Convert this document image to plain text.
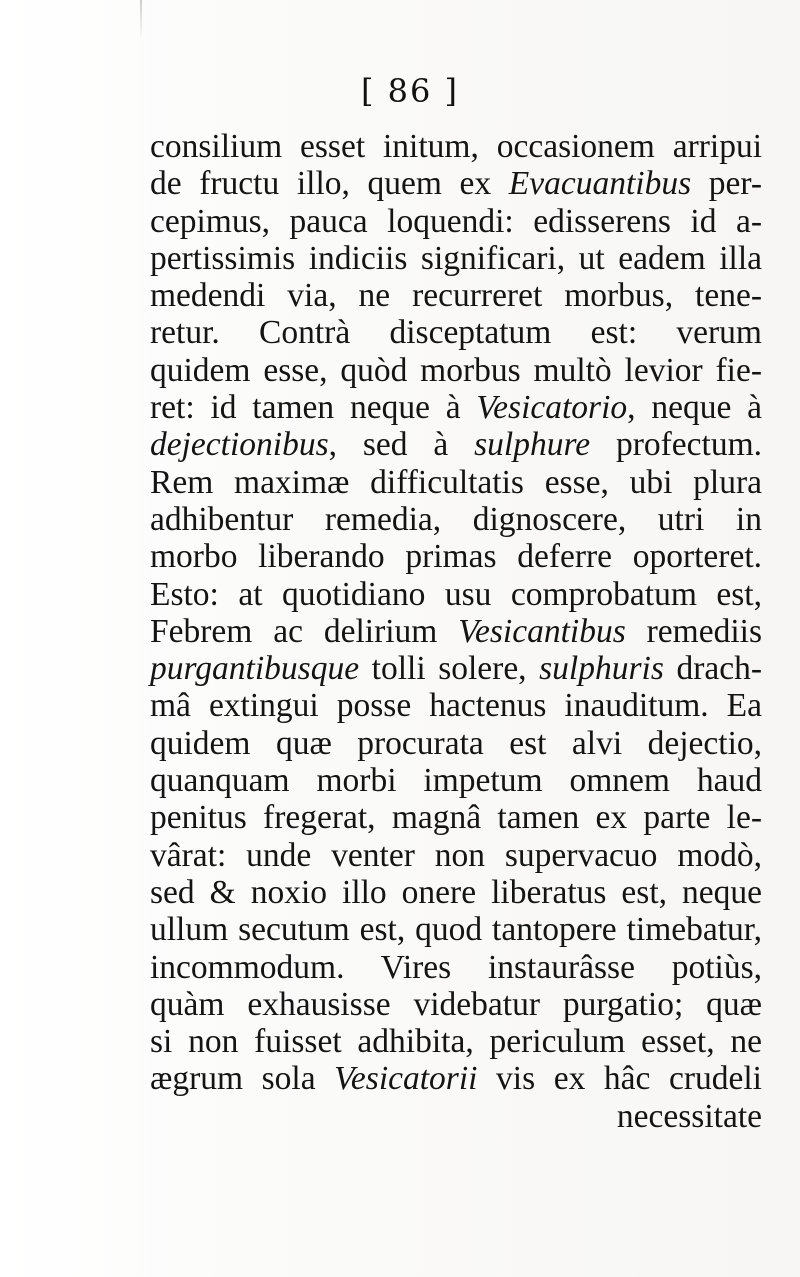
[ 86 ]
consilium esset initum, occasionem arripui
de fructu illo, quem ex Evacuantibus per-
cepimus, pauca loquendi: edisserens id a-
pertissimis indiciis significari, ut eadem illa
medendi via, ne recurreret morbus, tene-
retur. Contrà disceptatum est: verum
quidem esse, quòd morbus multò levior fie-
ret: id tamen neque à Vesicatorio, neque à
dejectionibus, sed à sulphure profectum.
Rem maximæ difficultatis esse, ubi plura
adhibentur remedia, dignoscere, utri in
morbo liberando primas deferre oporteret.
Esto: at quotidiano usu comprobatum est,
Febrem ac delirium Vesicantibus remediis
purgantibusque tolli solere, sulphuris drach-
mâ extingui posse hactenus inauditum. Ea
quidem quæ procurata est alvi dejectio,
quanquam morbi impetum omnem haud
penitus fregerat, magnâ tamen ex parte le-
vârat: unde venter non supervacuo modò,
sed & noxio illo onere liberatus est, neque
ullum secutum est, quod tantopere timebatur,
incommodum. Vires instaurâsse potiùs,
quàm exhausisse videbatur purgatio; quæ
si non fuisset adhibita, periculum esset, ne
ægrum sola Vesicatorii vis ex hâc crudeli
necessitate
